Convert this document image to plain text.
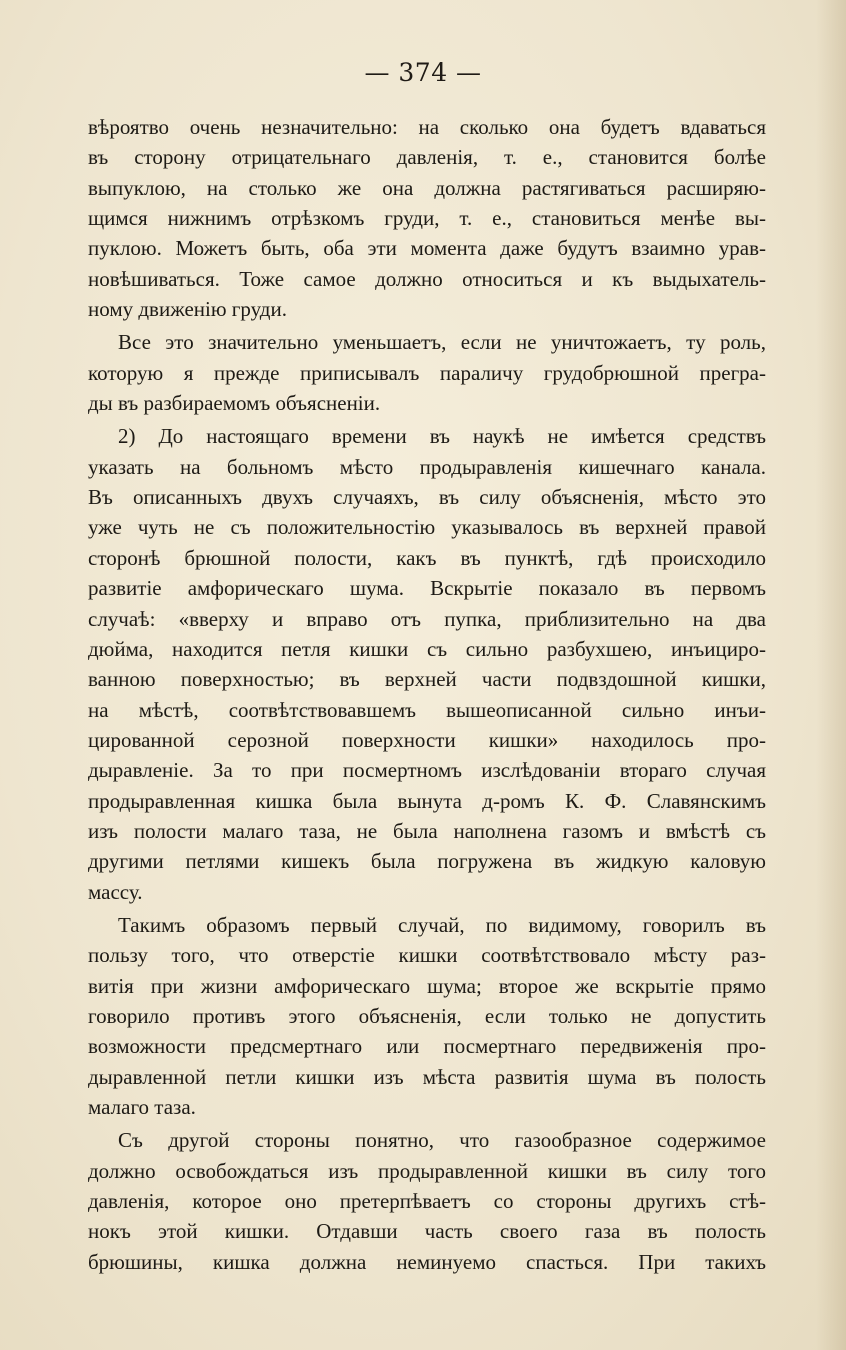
— 374 —
вѣроятво очень незначительно: на сколько она будетъ вдаваться
въ сторону отрицательнаго давленія, т. е., становится болѣе
выпуклою, на столько же она должна растягиваться расширяю-
щимся нижнимъ отрѣзкомъ груди, т. е., становиться менѣе вы-
пуклою. Можетъ быть, оба эти момента даже будутъ взаимно урав-
новѣшиваться. Тоже самое должно относиться и къ выдыхатель-
ному движенію груди.
Все это значительно уменьшаетъ, если не уничтожаетъ, ту роль,
которую я прежде приписывалъ параличу грудобрюшной прегра-
ды въ разбираемомъ объясненіи.
2) До настоящаго времени въ наукѣ не имѣется средствъ
указать на больномъ мѣсто продыравленія кишечнаго канала.
Въ описанныхъ двухъ случаяхъ, въ силу объясненія, мѣсто это
уже чуть не съ положительностію указывалось въ верхней правой
сторонѣ брюшной полости, какъ въ пунктѣ, гдѣ происходило
развитіе амфорическаго шума. Вскрытіе показало въ первомъ
случаѣ: «вверху и вправо отъ пупка, приблизительно на два
дюйма, находится петля кишки съ сильно разбухшею, инъициро-
ванною поверхностью; въ верхней части подвздошной кишки,
на мѣстѣ, соотвѣтствовавшемъ вышеописанной сильно инъи-
цированной серозной поверхности кишки» находилось про-
дыравленіе. За то при посмертномъ изслѣдованіи втораго случая
продыравленная кишка была вынута д-ромъ К. Ф. Славянскимъ
изъ полости малаго таза, не была наполнена газомъ и вмѣстѣ съ
другими петлями кишекъ была погружена въ жидкую каловую
массу.
Такимъ образомъ первый случай, по видимому, говорилъ въ
пользу того, что отверстіе кишки соотвѣтствовало мѣсту раз-
витія при жизни амфорическаго шума; второе же вскрытіе прямо
говорило противъ этого объясненія, если только не допустить
возможности предсмертнаго или посмертнаго передвиженія про-
дыравленной петли кишки изъ мѣста развитія шума въ полость
малаго таза.
Съ другой стороны понятно, что газообразное содержимое
должно освобождаться изъ продыравленной кишки въ силу того
давленія, которое оно претерпѣваетъ со стороны другихъ стѣ-
нокъ этой кишки. Отдавши часть своего газа въ полость
брюшины, кишка должна неминуемо спасться. При такихъ
